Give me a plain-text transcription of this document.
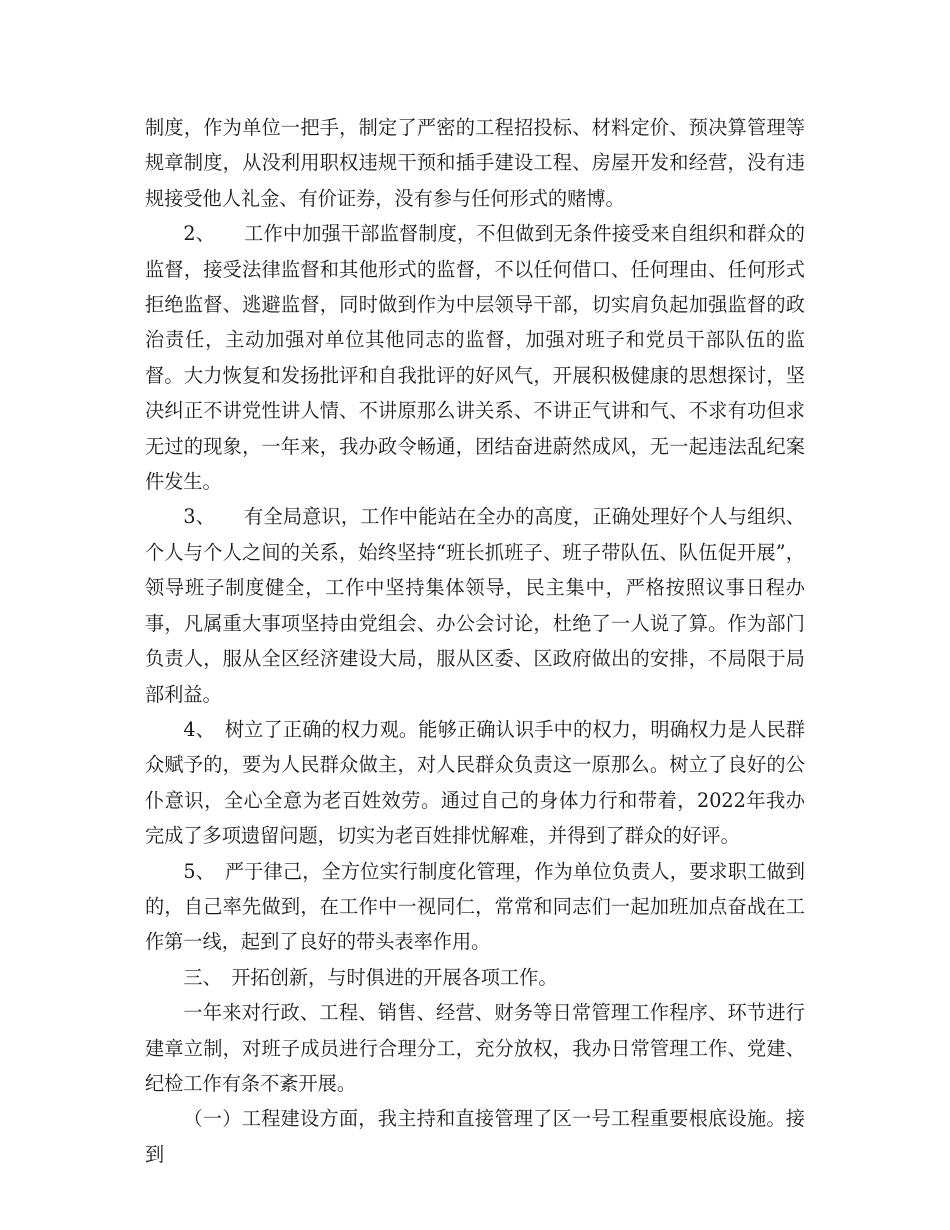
制度，作为单位一把手，制定了严密的工程招投标、材料定价、预决算管理等规章制度，从没利用职权违规干预和插手建设工程、房屋开发和经营，没有违规接受他人礼金、有价证券，没有参与任何形式的赌博。

2、　　工作中加强干部监督制度，不但做到无条件接受来自组织和群众的监督，接受法律监督和其他形式的监督，不以任何借口、任何理由、任何形式拒绝监督、逃避监督，同时做到作为中层领导干部，切实肩负起加强监督的政治责任，主动加强对单位其他同志的监督，加强对班子和党员干部队伍的监督。大力恢复和发扬批评和自我批评的好风气，开展积极健康的思想探讨，坚决纠正不讲党性讲人情、不讲原那么讲关系、不讲正气讲和气、不求有功但求无过的现象，一年来，我办政令畅通，团结奋进蔚然成风，无一起违法乱纪案件发生。

3、　　有全局意识，工作中能站在全办的高度，正确处理好个人与组织、个人与个人之间的关系，始终坚持“班长抓班子、班子带队伍、队伍促开展”，领导班子制度健全，工作中坚持集体领导，民主集中，严格按照议事日程办事，凡属重大事项坚持由党组会、办公会讨论，杜绝了一人说了算。作为部门负责人，服从全区经济建设大局，服从区委、区政府做出的安排，不局限于局部利益。

4、　树立了正确的权力观。能够正确认识手中的权力，明确权力是人民群众赋予的，要为人民群众做主，对人民群众负责这一原那么。树立了良好的公仆意识，全心全意为老百姓效劳。通过自己的身体力行和带着，2022年我办完成了多项遗留问题，切实为老百姓排忧解难，并得到了群众的好评。

5、　严于律己，全方位实行制度化管理，作为单位负责人，要求职工做到的，自己率先做到，在工作中一视同仁，常常和同志们一起加班加点奋战在工作第一线，起到了良好的带头表率作用。

三、　开拓创新，与时俱进的开展各项工作。

一年来对行政、工程、销售、经营、财务等日常管理工作程序、环节进行建章立制，对班子成员进行合理分工，充分放权，我办日常管理工作、党建、纪检工作有条不紊开展。

（一）工程建设方面，我主持和直接管理了区一号工程重要根底设施。接到
